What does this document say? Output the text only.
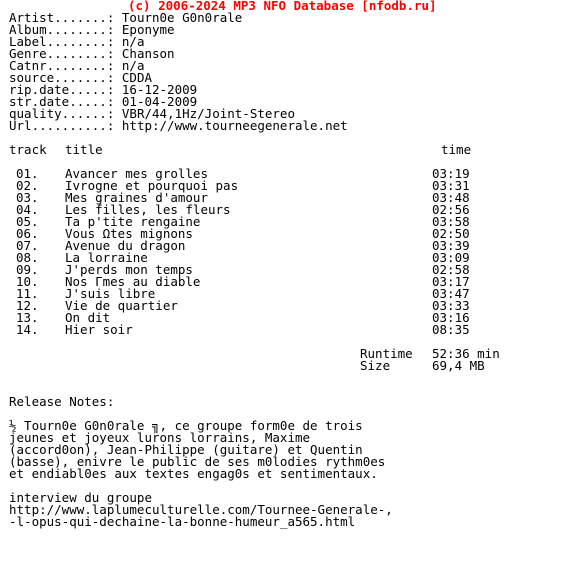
(c) 2006-2024 MP3 NFO Database [nfodb.ru]
Artist.......: Tourn0e G0n0rale
Album........: Eponyme
Label........: n/a
Genre........: Chanson
Catnr........: n/a
source.......: CDDA
rip.date.....: 16-12-2009
str.date.....: 01-04-2009
quality......: VBR/44,1Hz/Joint-Stereo
Url..........: http://www.tourneegenerale.net
track title	time
01. Avancer mes grolles	03:19
02. Ivrogne et pourquoi pas	03:31
03. Mes graines d'amour	03:48
04. Les filles, les fleurs	02:56
05. Ta p'tite rengaine	03:58
06. Vous Ωtes mignons	02:50
07. Avenue du dragon	03:39
08. La lorraine	03:09
09. J'perds mon temps	02:58
10. Nos Гmes au diable	03:17
11. J'suis libre	03:47
12. Vie de quartier	03:33
13. On dit	03:16
14. Hier soir	08:35
Runtime 52:36 min
Size	69,4 MB
Release Notes:
½ Tourn0e G0n0rale ╗, ce groupe form0e de trois
jeunes et joyeux lurons lorrains, Maxime
(accord0on), Jean-Philippe (guitare) et Quentin
(basse), enivre le public de ses m0lodies rythm0es
et endiabl0es aux textes engag0s et sentimentaux.
interview du groupe
http://www.laplumeculturelle.com/Tournee-Generale-,
-l-opus-qui-dechaine-la-bonne-humeur_a565.html
